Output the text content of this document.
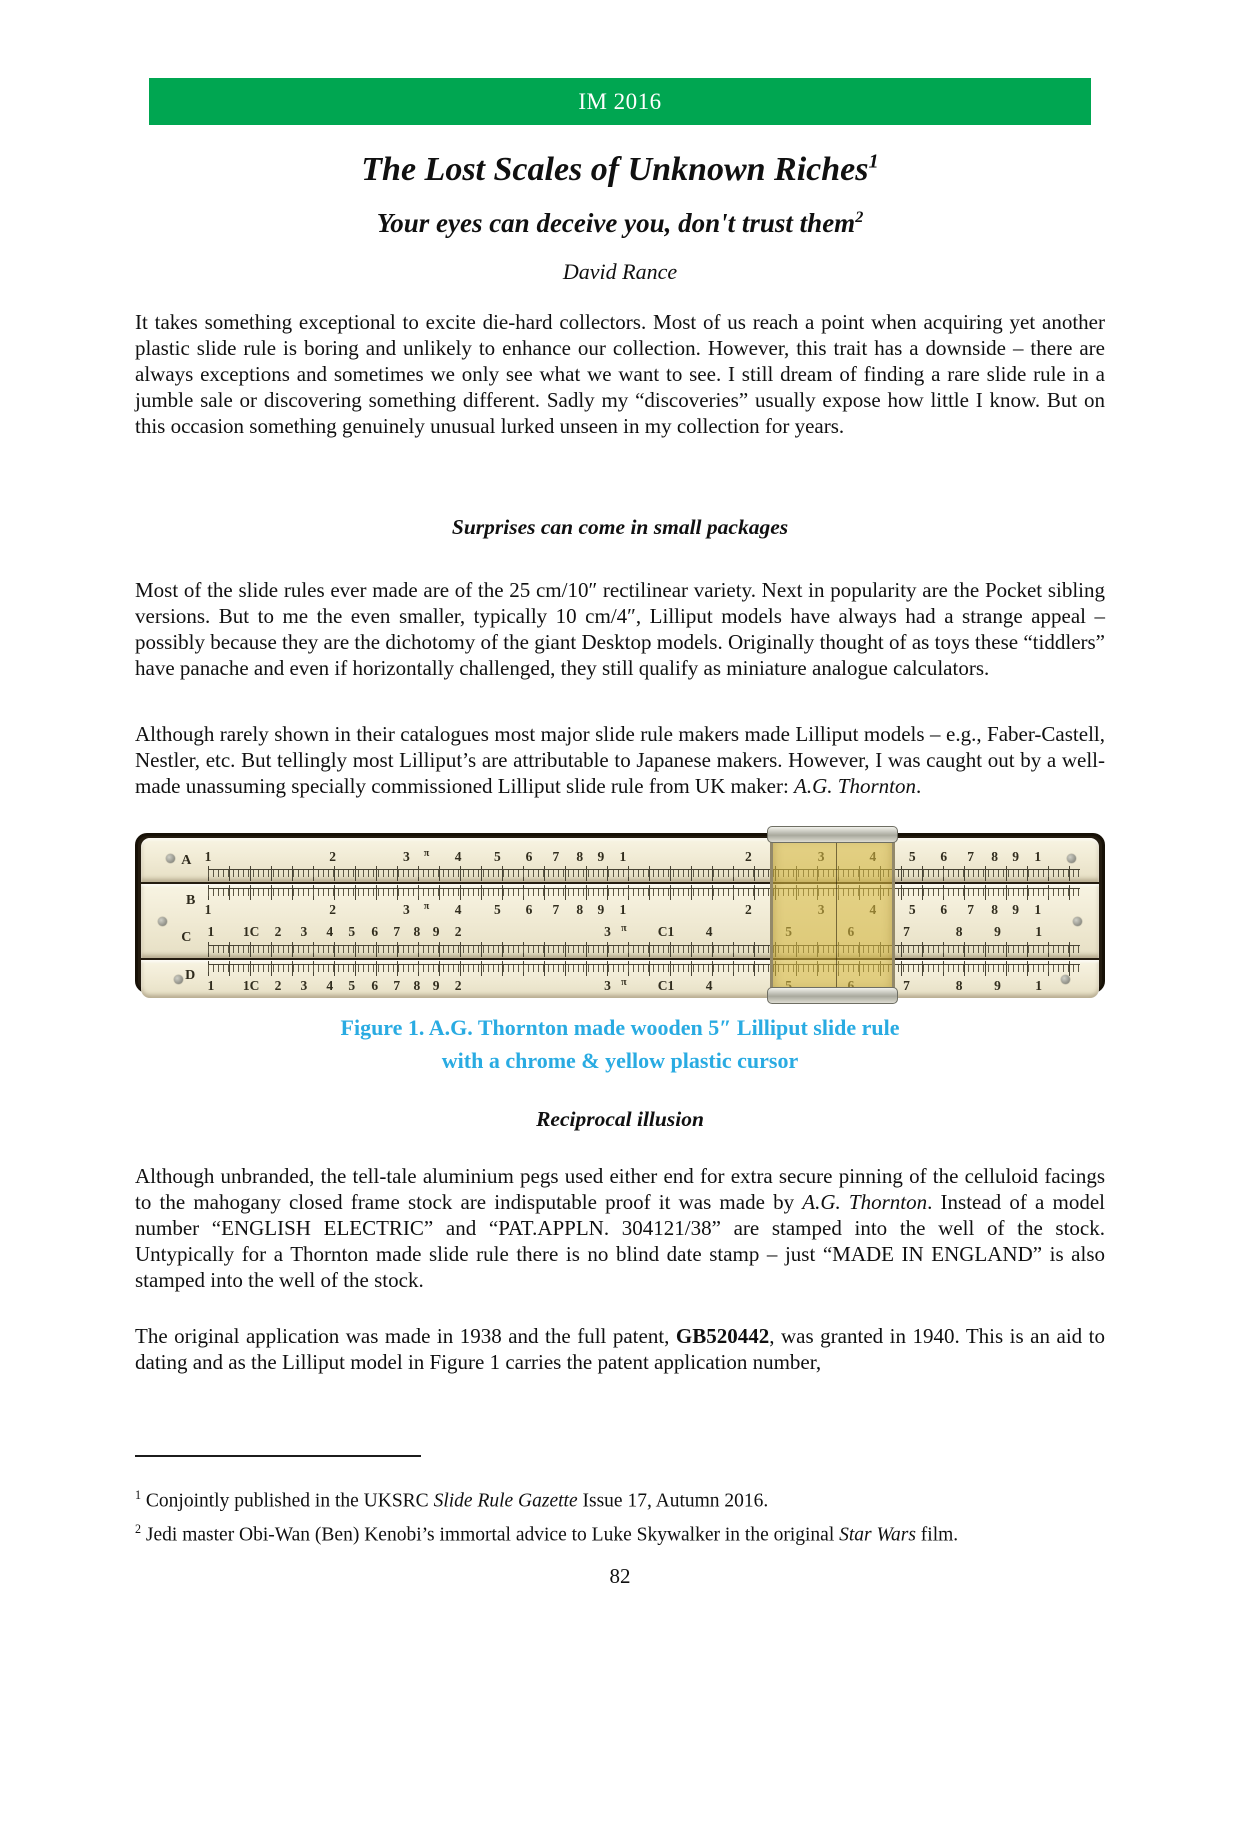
IM 2016
The Lost Scales of Unknown Riches$^1$
Your eyes can deceive you, don't trust them$^2$
David Rance

It takes something exceptional to excite die-hard collectors. Most of us reach a point when acquiring yet another plastic slide rule is boring and unlikely to enhance our collection. However, this trait has a downside – there are always exceptions and sometimes we only see what we want to see. I still dream of finding a rare slide rule in a jumble sale or discovering something different. Sadly my “discoveries” usually expose how little I know. But on this occasion something genuinely unusual lurked unseen in my collection for years.

Surprises can come in small packages

Most of the slide rules ever made are of the 25 cm/10″ rectilinear variety. Next in popularity are the Pocket sibling versions. But to me the even smaller, typically 10 cm/4″, Lilliput models have always had a strange appeal – possibly because they are the dichotomy of the giant Desktop models. Originally thought of as toys these “tiddlers” have panache and even if horizontally challenged, they still qualify as miniature analogue calculators.

Although rarely shown in their catalogues most major slide rule makers made Lilliput models – e.g., Faber-Castell, Nestler, etc. But tellingly most Lilliput’s are attributable to Japanese makers. However, I was caught out by a well-made unassuming specially commissioned Lilliput slide rule from UK maker: A.G. Thornton.

A 1	2	3 π 4 5 6 7 8 9 1	2	5 6 7 8 9 1
1	2	3 π 4 5 6 7 8 9 1	2	5 6 7 8 9 1
B
C 1 1C 2 3 4 5 6 7 8 9 2	3 π C1 4	7	8 9	1
D
1 1C 2 3 4 5 6 7 8 9 2	3 π C1 4	7	8 9	1
Figure 1. A.G. Thornton made wooden 5″ Lilliput slide rule
with a chrome & yellow plastic cursor
Reciprocal illusion

Although unbranded, the tell-tale aluminium pegs used either end for extra secure pinning of the celluloid facings to the mahogany closed frame stock are indisputable proof it was made by A.G. Thornton. Instead of a model number “ENGLISH ELECTRIC” and “PAT.APPLN. 304121/38” are stamped into the well of the stock. Untypically for a Thornton made slide rule there is no blind date stamp – just “MADE IN ENGLAND” is also stamped into the well of the stock.

The original application was made in 1938 and the full patent, GB520442, was granted in 1940. This is an aid to dating and as the Lilliput model in Figure 1 carries the patent application number,

$^1$ Conjointly published in the UKSRC Slide Rule Gazette Issue 17, Autumn 2016.
$^2$ Jedi master Obi-Wan (Ben) Kenobi’s immortal advice to Luke Skywalker in the original Star Wars film.
82
